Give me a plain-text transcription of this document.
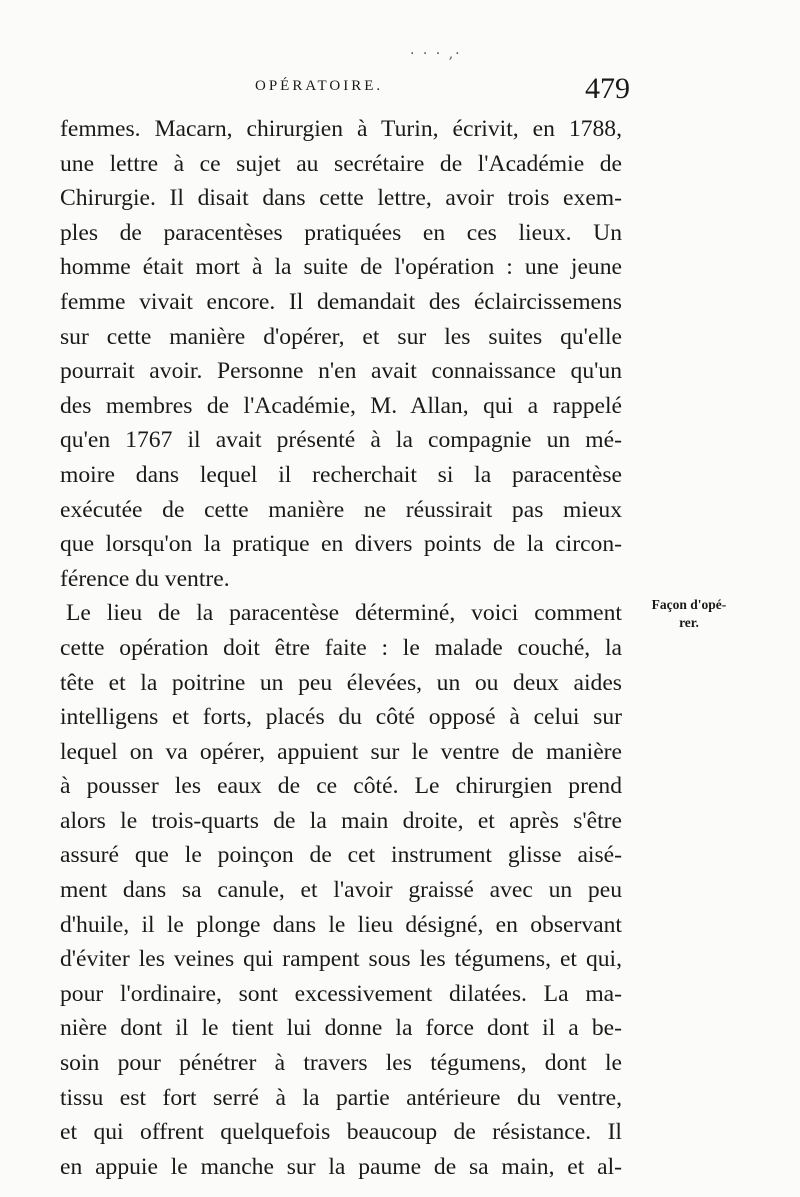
· · · ,·
OPÉRATOIRE.	479
femmes. Macarn, chirurgien à Turin, écrivit, en 1788,
une lettre à ce sujet au secrétaire de l'Académie de
Chirurgie. Il disait dans cette lettre, avoir trois exem-
ples de paracentèses pratiquées en ces lieux. Un
homme était mort à la suite de l'opération : une jeune
femme vivait encore. Il demandait des éclaircissemens
sur cette manière d'opérer, et sur les suites qu'elle
pourrait avoir. Personne n'en avait connaissance qu'un
des membres de l'Académie, M. Allan, qui a rappelé
qu'en 1767 il avait présenté à la compagnie un mé-
moire dans lequel il recherchait si la paracentèse
exécutée de cette manière ne réussirait pas mieux
que lorsqu'on la pratique en divers points de la circon-
férence du ventre.
Le lieu de la paracentèse déterminé, voici comment
cette opération doit être faite : le malade couché, la
tête et la poitrine un peu élevées, un ou deux aides
intelligens et forts, placés du côté opposé à celui sur
lequel on va opérer, appuient sur le ventre de manière
à pousser les eaux de ce côté. Le chirurgien prend
alors le trois-quarts de la main droite, et après s'être
assuré que le poinçon de cet instrument glisse aisé-
ment dans sa canule, et l'avoir graissé avec un peu
d'huile, il le plonge dans le lieu désigné, en observant
d'éviter les veines qui rampent sous les tégumens, et qui,
pour l'ordinaire, sont excessivement dilatées. La ma-
nière dont il le tient lui donne la force dont il a be-
soin pour pénétrer à travers les tégumens, dont le
tissu est fort serré à la partie antérieure du ventre,
et qui offrent quelquefois beaucoup de résistance. Il
en appuie le manche sur la paume de sa main, et al-
Façon d'opé-
rer.
